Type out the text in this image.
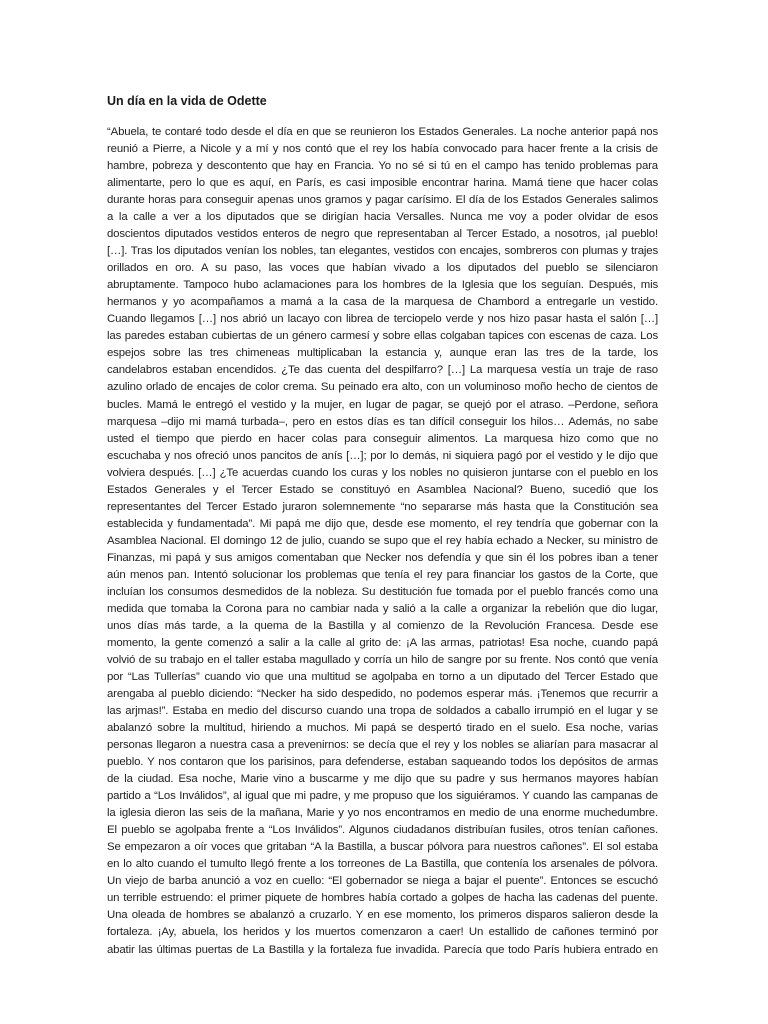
Un día en la vida de Odette
“Abuela, te contaré todo desde el día en que se reunieron los Estados Generales. La noche anterior papá nos
reunió a Pierre, a Nicole y a mí y nos contó que el rey los había convocado para hacer frente a la crisis de
hambre, pobreza y descontento que hay en Francia. Yo no sé si tú en el campo has tenido problemas para
alimentarte, pero lo que es aquí, en París, es casi imposible encontrar harina. Mamá tiene que hacer colas
durante horas para conseguir apenas unos gramos y pagar carísimo. El día de los Estados Generales salimos
a la calle a ver a los diputados que se dirigían hacia Versalles. Nunca me voy a poder olvidar de esos
doscientos diputados vestidos enteros de negro que representaban al Tercer Estado, a nosotros, ¡al pueblo!
[…]. Tras los diputados venían los nobles, tan elegantes, vestidos con encajes, sombreros con plumas y trajes
orillados en oro. A su paso, las voces que habían vivado a los diputados del pueblo se silenciaron
abruptamente. Tampoco hubo aclamaciones para los hombres de la Iglesia que los seguían. Después, mis
hermanos y yo acompañamos a mamá a la casa de la marquesa de Chambord a entregarle un vestido.
Cuando llegamos […] nos abrió un lacayo con librea de terciopelo verde y nos hizo pasar hasta el salón […]
las paredes estaban cubiertas de un género carmesí y sobre ellas colgaban tapices con escenas de caza. Los
espejos sobre las tres chimeneas multiplicaban la estancia y, aunque eran las tres de la tarde, los
candelabros estaban encendidos. ¿Te das cuenta del despilfarro? […] La marquesa vestía un traje de raso
azulino orlado de encajes de color crema. Su peinado era alto, con un voluminoso moño hecho de cientos de
bucles. Mamá le entregó el vestido y la mujer, en lugar de pagar, se quejó por el atraso. –Perdone, señora
marquesa –dijo mi mamá turbada–, pero en estos días es tan difícil conseguir los hilos… Además, no sabe
usted el tiempo que pierdo en hacer colas para conseguir alimentos. La marquesa hizo como que no
escuchaba y nos ofreció unos pancitos de anís […]; por lo demás, ni siquiera pagó por el vestido y le dijo que
volviera después. […] ¿Te acuerdas cuando los curas y los nobles no quisieron juntarse con el pueblo en los
Estados Generales y el Tercer Estado se constituyó en Asamblea Nacional? Bueno, sucedió que los
representantes del Tercer Estado juraron solemnemente “no separarse más hasta que la Constitución sea
establecida y fundamentada”. Mi papá me dijo que, desde ese momento, el rey tendría que gobernar con la
Asamblea Nacional. El domingo 12 de julio, cuando se supo que el rey había echado a Necker, su ministro de
Finanzas, mi papá y sus amigos comentaban que Necker nos defendía y que sin él los pobres iban a tener
aún menos pan. Intentó solucionar los problemas que tenía el rey para financiar los gastos de la Corte, que
incluían los consumos desmedidos de la nobleza. Su destitución fue tomada por el pueblo francés como una
medida que tomaba la Corona para no cambiar nada y salió a la calle a organizar la rebelión que dio lugar,
unos días más tarde, a la quema de la Bastilla y al comienzo de la Revolución Francesa. Desde ese
momento, la gente comenzó a salir a la calle al grito de: ¡A las armas, patriotas! Esa noche, cuando papá
volvió de su trabajo en el taller estaba magullado y corría un hilo de sangre por su frente. Nos contó que venía
por “Las Tullerías” cuando vio que una multitud se agolpaba en torno a un diputado del Tercer Estado que
arengaba al pueblo diciendo: “Necker ha sido despedido, no podemos esperar más. ¡Tenemos que recurrir a
las arjmas!”. Estaba en medio del discurso cuando una tropa de soldados a caballo irrumpió en el lugar y se
abalanzó sobre la multitud, hiriendo a muchos. Mi papá se despertó tirado en el suelo. Esa noche, varias
personas llegaron a nuestra casa a prevenirnos: se decía que el rey y los nobles se aliarían para masacrar al
pueblo. Y nos contaron que los parisinos, para defenderse, estaban saqueando todos los depósitos de armas
de la ciudad. Esa noche, Marie vino a buscarme y me dijo que su padre y sus hermanos mayores habían
partido a “Los Inválidos”, al igual que mi padre, y me propuso que los siguiéramos. Y cuando las campanas de
la iglesia dieron las seis de la mañana, Marie y yo nos encontramos en medio de una enorme muchedumbre.
El pueblo se agolpaba frente a “Los Inválidos”. Algunos ciudadanos distribuían fusiles, otros tenían cañones.
Se empezaron a oír voces que gritaban “A la Bastilla, a buscar pólvora para nuestros cañones”. El sol estaba
en lo alto cuando el tumulto llegó frente a los torreones de La Bastilla, que contenía los arsenales de pólvora.
Un viejo de barba anunció a voz en cuello: “El gobernador se niega a bajar el puente”. Entonces se escuchó
un terrible estruendo: el primer piquete de hombres había cortado a golpes de hacha las cadenas del puente.
Una oleada de hombres se abalanzó a cruzarlo. Y en ese momento, los primeros disparos salieron desde la
fortaleza. ¡Ay, abuela, los heridos y los muertos comenzaron a caer! Un estallido de cañones terminó por
abatir las últimas puertas de La Bastilla y la fortaleza fue invadida. Parecía que todo París hubiera entrado en
